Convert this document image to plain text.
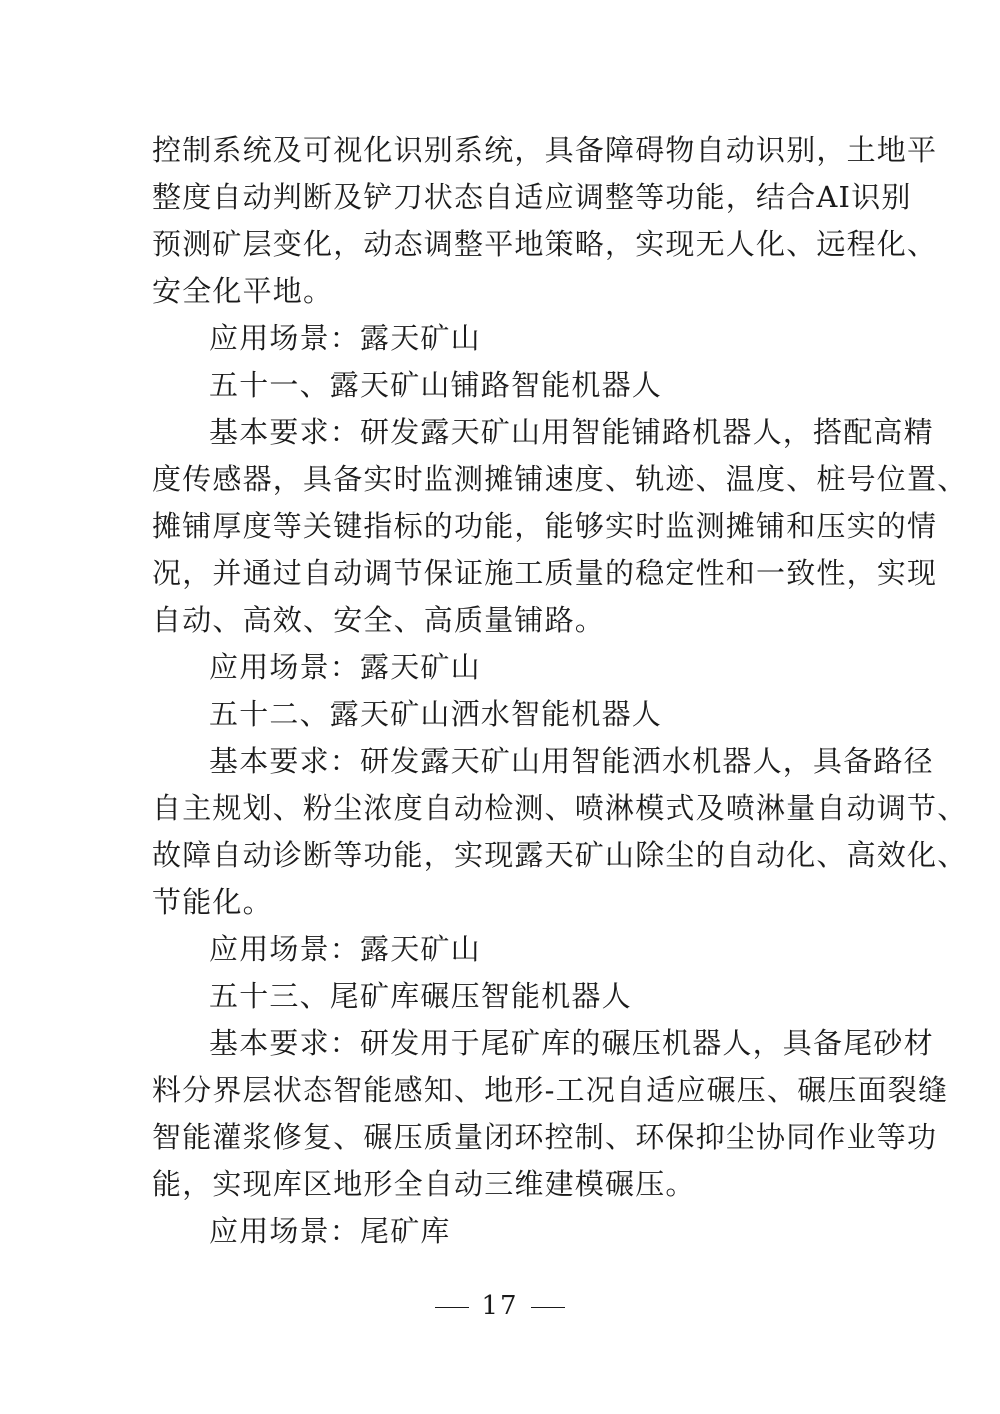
控制系统及可视化识别系统，具备障碍物自动识别，土地平
整度自动判断及铲刀状态自适应调整等功能，结合AI识别
预测矿层变化，动态调整平地策略，实现无人化、远程化、
安全化平地。
应用场景：露天矿山
五十一、露天矿山铺路智能机器人
基本要求：研发露天矿山用智能铺路机器人，搭配高精
度传感器，具备实时监测摊铺速度、轨迹、温度、桩号位置、
摊铺厚度等关键指标的功能，能够实时监测摊铺和压实的情
况，并通过自动调节保证施工质量的稳定性和一致性，实现
自动、高效、安全、高质量铺路。
应用场景：露天矿山
五十二、露天矿山洒水智能机器人
基本要求：研发露天矿山用智能洒水机器人，具备路径
自主规划、粉尘浓度自动检测、喷淋模式及喷淋量自动调节、
故障自动诊断等功能，实现露天矿山除尘的自动化、高效化、
节能化。
应用场景：露天矿山
五十三、尾矿库碾压智能机器人
基本要求：研发用于尾矿库的碾压机器人，具备尾砂材
料分界层状态智能感知、地形-工况自适应碾压、碾压面裂缝
智能灌浆修复、碾压质量闭环控制、环保抑尘协同作业等功
能，实现库区地形全自动三维建模碾压。
应用场景：尾矿库
17
